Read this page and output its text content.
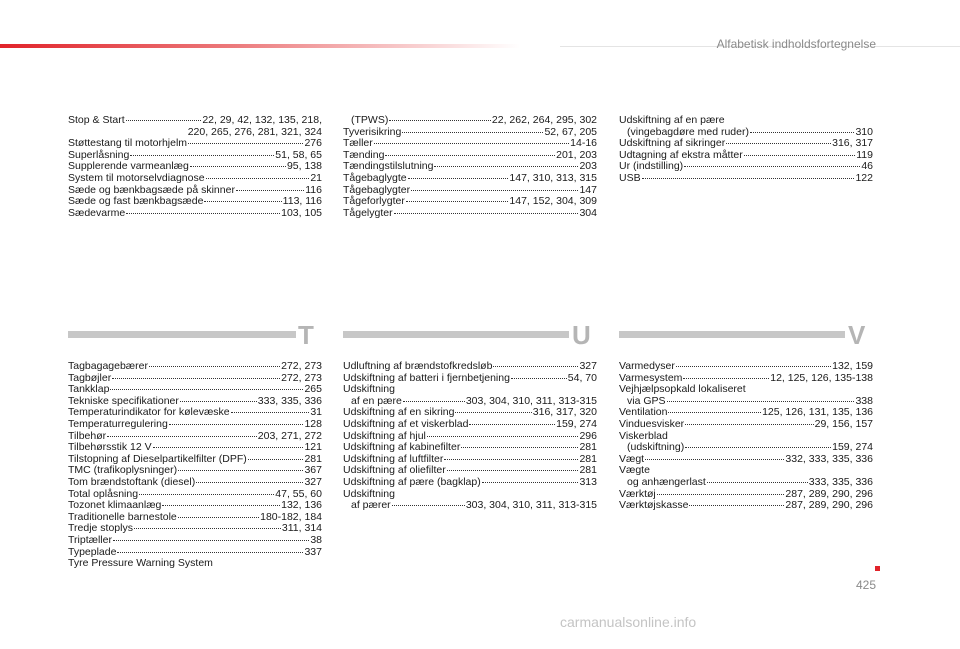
Alfabetisk indholdsfortegnelse
Stop & Start	22, 29, 42, 132, 135, 218,
220, 265, 276, 281, 321, 324
Støttestang til motorhjelm	276
Superlåsning	51, 58, 65
Supplerende varmeanlæg	95, 138
System til motorselvdiagnose	21
Sæde og bænkbagsæde på skinner	116
Sæde og fast bænkbagsæde	113, 116
Sædevarme	103, 105
(TPWS)	22, 262, 264, 295, 302
Tyverisikring	52, 67, 205
Tæller	14-16
Tænding	201, 203
Tændingstilslutning	203
Tågebaglygte	147, 310, 313, 315
Tågebaglygter	147
Tågeforlygter	147, 152, 304, 309
Tågelygter	304
Udskiftning af en pære
(vingebagdøre med ruder)	310
Udskiftning af sikringer	316, 317
Udtagning af ekstra måtter	119
Ur (indstilling)	46
USB	122
T	U	V
Tagbagagebærer	272, 273
Tagbøjler	272, 273
Tankklap	265
Tekniske specifikationer	333, 335, 336
Temperaturindikator for kølevæske	31
Temperaturregulering	128
Tilbehør	203, 271, 272
Tilbehørsstik 12 V	121
Tilstopning af Dieselpartikelfilter (DPF)	281
TMC (trafikoplysninger)	367
Tom brændstoftank (diesel)	327
Total oplåsning	47, 55, 60
Tozonet klimaanlæg	132, 136
Traditionelle barnestole	180-182, 184
Tredje stoplys	311, 314
Triptæller	38
Typeplade	337
Tyre Pressure Warning System
Udluftning af brændstofkredsløb	327
Udskiftning af batteri i fjernbetjening	54, 70
Udskiftning
af en pære	303, 304, 310, 311, 313-315
Udskiftning af en sikring	316, 317, 320
Udskiftning af et viskerblad	159, 274
Udskiftning af hjul	296
Udskiftning af kabinefilter	281
Udskiftning af luftfilter	281
Udskiftning af oliefilter	281
Udskiftning af pære (bagklap)	313
Udskiftning
af pærer	303, 304, 310, 311, 313-315
Varmedyser	132, 159
Varmesystem	12, 125, 126, 135-138
Vejhjælpsopkald lokaliseret
via GPS	338
Ventilation	125, 126, 131, 135, 136
Vinduesvisker	29, 156, 157
Viskerblad
(udskiftning)	159, 274
Vægt	332, 333, 335, 336
Vægte
og anhængerlast	333, 335, 336
Værktøj	287, 289, 290, 296
Værktøjskasse	287, 289, 290, 296
425
carmanualsonline.info
